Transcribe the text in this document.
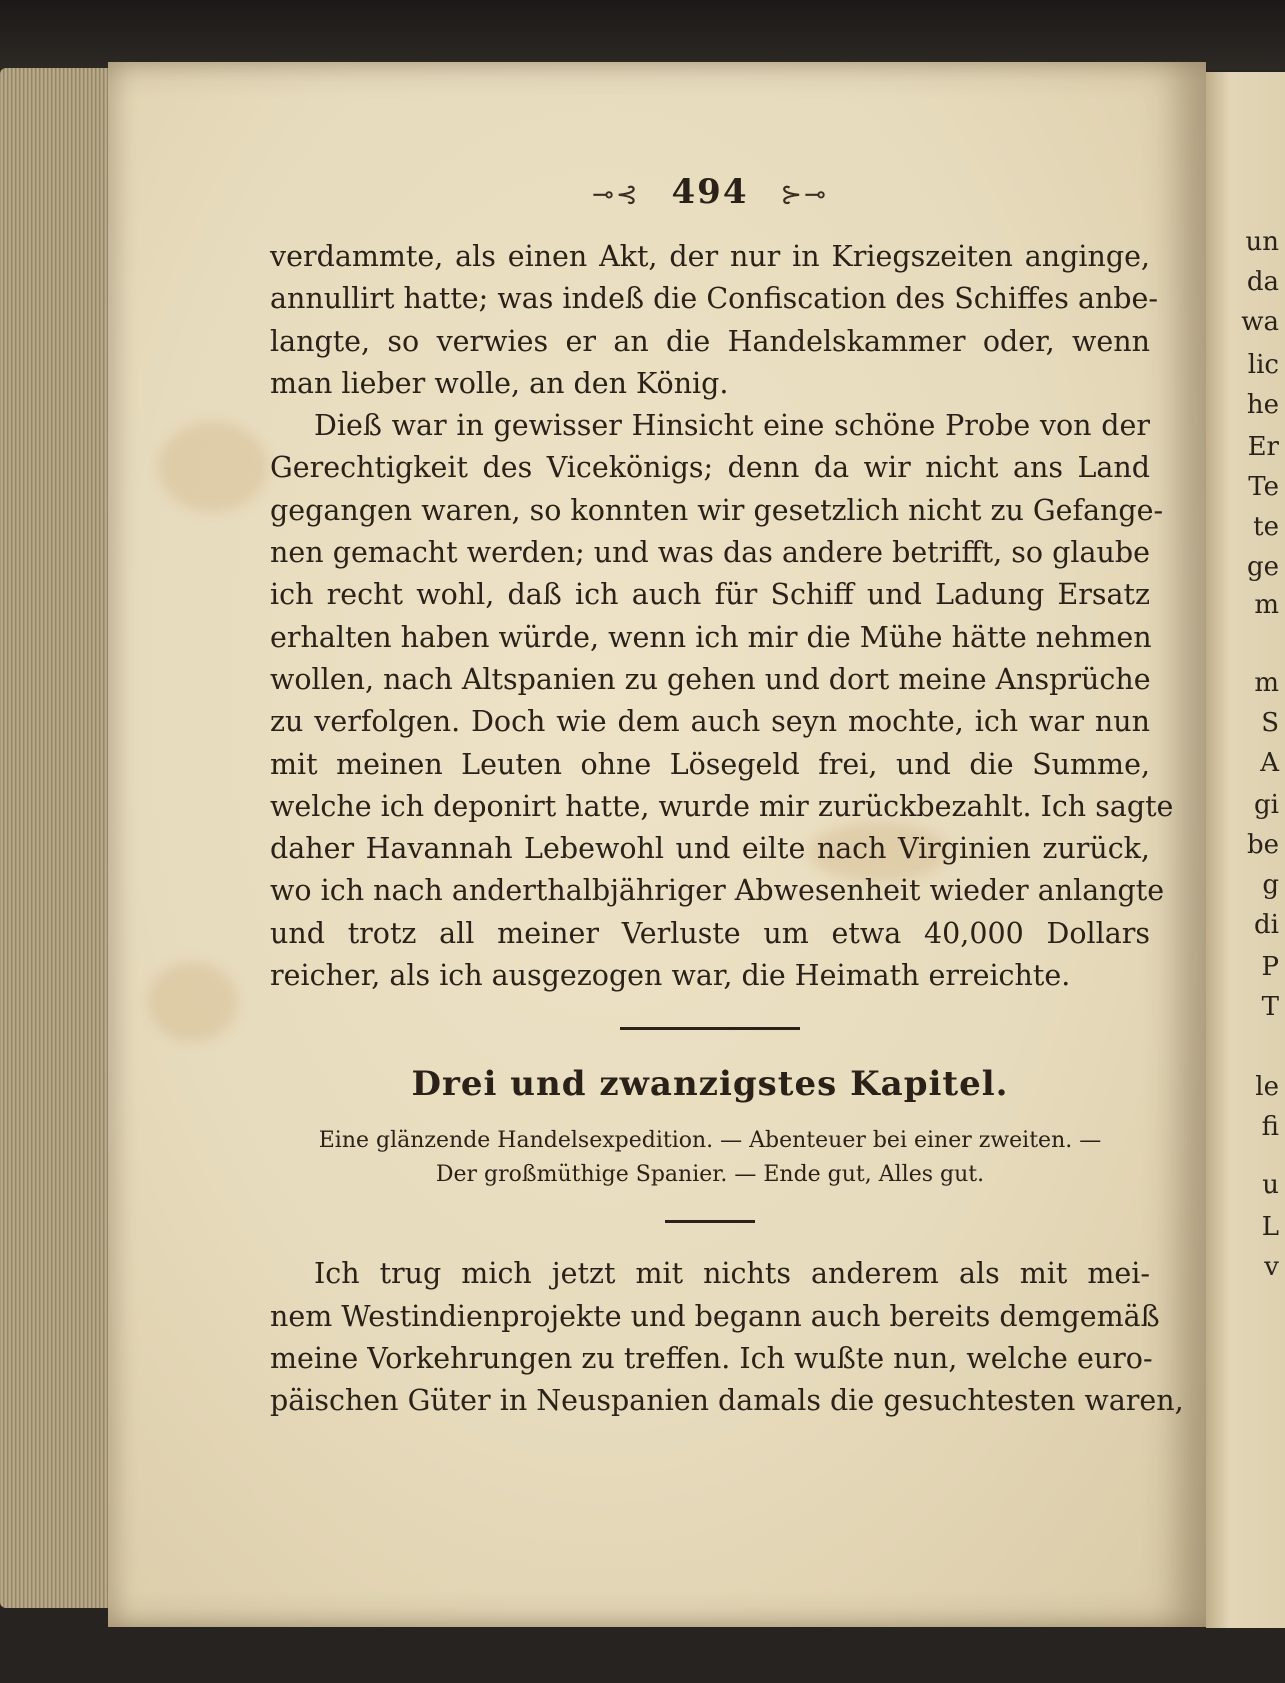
un
da
wa
lic
he
Er
Te
te
ge
m
m
S
A
gi
be
g
di
P
T
le
fi
u
L
v
⊸⊰ 494 ⊱⊸
verdammte, als einen Akt, der nur in Kriegszeiten anginge,
annullirt hatte; was indeß die Confiscation des Schiffes anbe-
langte, so verwies er an die Handelskammer oder, wenn
man lieber wolle, an den König.
Dieß war in gewisser Hinsicht eine schöne Probe von der
Gerechtigkeit des Vicekönigs; denn da wir nicht ans Land
gegangen waren, so konnten wir gesetzlich nicht zu Gefange-
nen gemacht werden; und was das andere betrifft, so glaube
ich recht wohl, daß ich auch für Schiff und Ladung Ersatz
erhalten haben würde, wenn ich mir die Mühe hätte nehmen
wollen, nach Altspanien zu gehen und dort meine Ansprüche
zu verfolgen. Doch wie dem auch seyn mochte, ich war nun
mit meinen Leuten ohne Lösegeld frei, und die Summe,
welche ich deponirt hatte, wurde mir zurückbezahlt. Ich sagte
daher Havannah Lebewohl und eilte nach Virginien zurück,
wo ich nach anderthalbjähriger Abwesenheit wieder anlangte
und trotz all meiner Verluste um etwa 40,000 Dollars
reicher, als ich ausgezogen war, die Heimath erreichte.
Drei und zwanzigstes Kapitel.
Eine glänzende Handelsexpedition. — Abenteuer bei einer zweiten. —
Der großmüthige Spanier. — Ende gut, Alles gut.
Ich trug mich jetzt mit nichts anderem als mit mei-
nem Westindienprojekte und begann auch bereits demgemäß
meine Vorkehrungen zu treffen. Ich wußte nun, welche euro-
päischen Güter in Neuspanien damals die gesuchtesten waren,
